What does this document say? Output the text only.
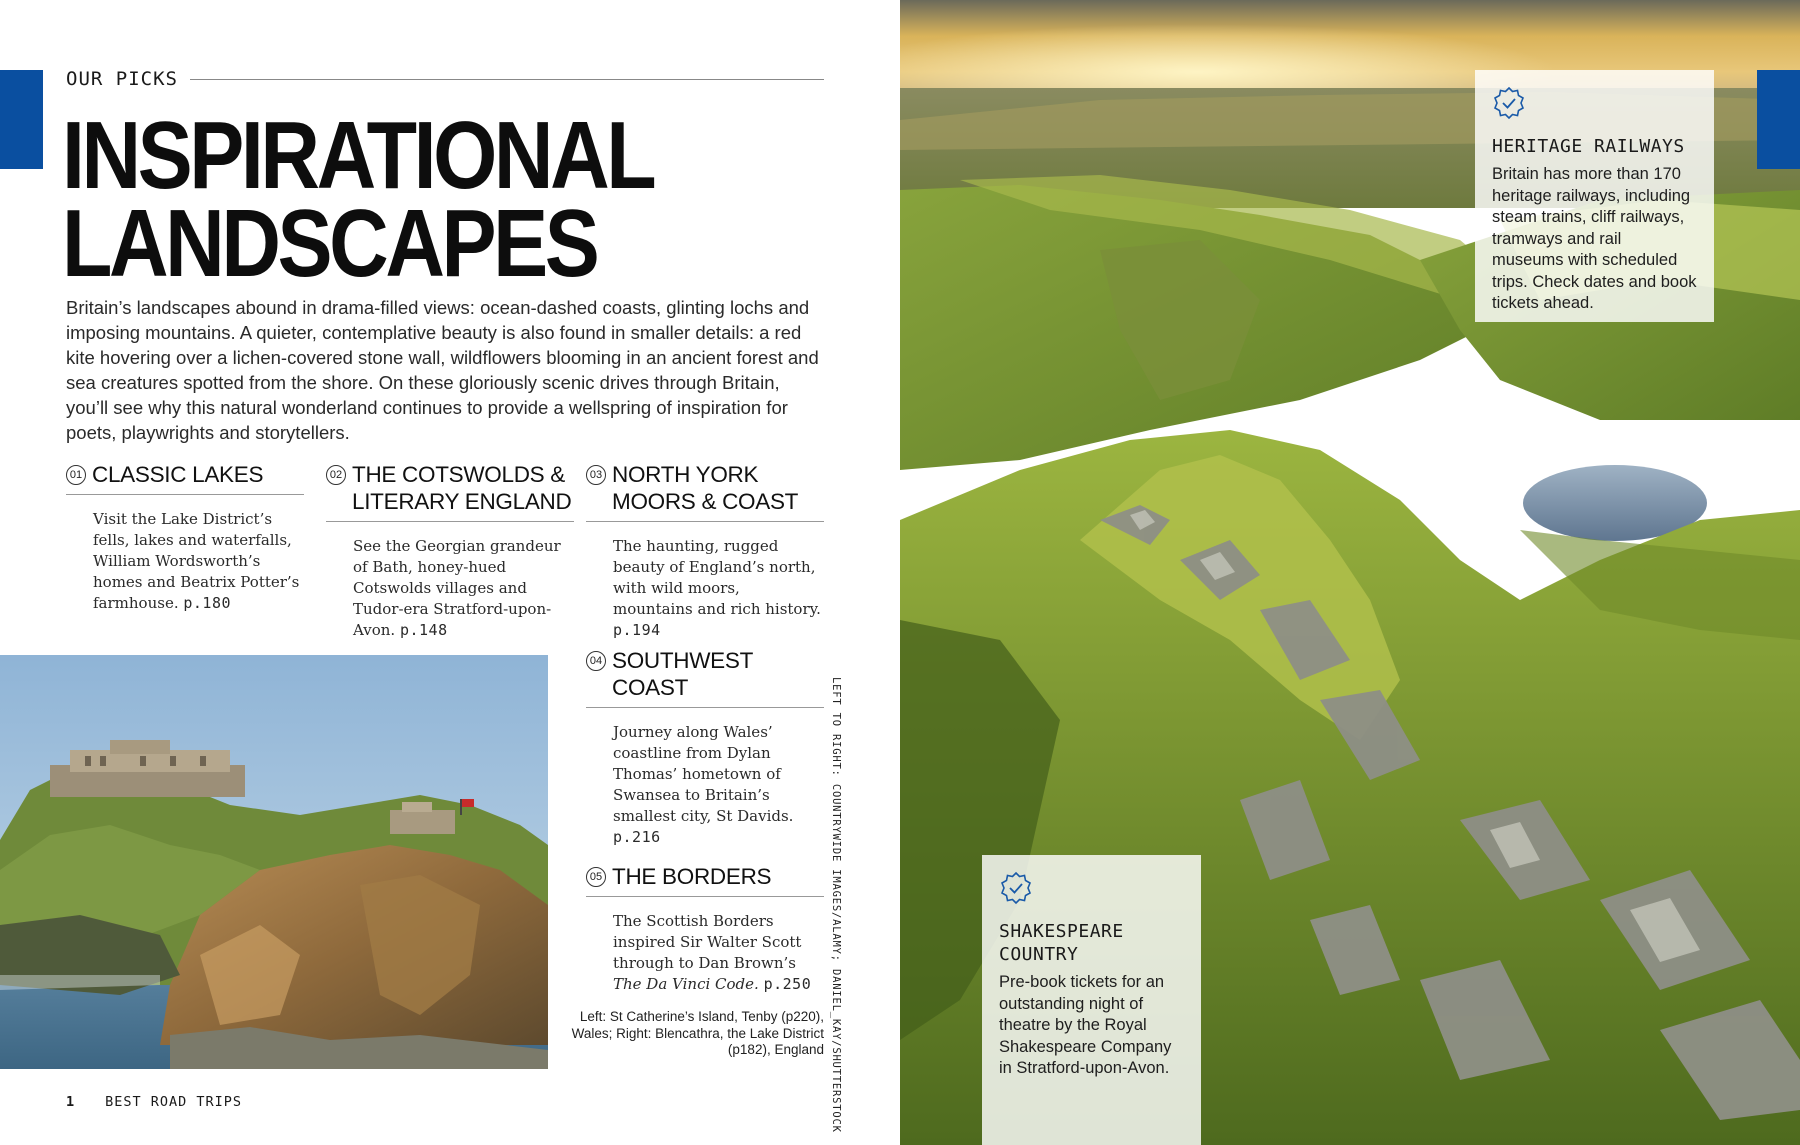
OUR PICKS
INSPIRATIONAL
LANDSCAPES

Britain’s landscapes abound in drama-filled views: ocean-dashed coasts, glinting lochs and imposing mountains. A quieter, contemplative beauty is also found in smaller details: a red kite hovering over a lichen-covered stone wall, wildflowers blooming in an ancient forest and sea creatures spotted from the shore. On these gloriously scenic drives through Britain, you’ll see why this natural wonderland continues to provide a wellspring of inspiration for poets, playwrights and storytellers.

01 CLASSIC LAKES

Visit the Lake District’s fells, lakes and waterfalls, William Wordsworth’s homes and Beatrix Potter’s farmhouse. p.180

02 THE COTSWOLDS & LITERARY ENGLAND

See the Georgian grandeur of Bath, honey-hued Cotswolds villages and Tudor-era Stratford-upon-Avon. p.148

03 NORTH YORK MOORS & COAST

The haunting, rugged beauty of England’s north, with wild moors, mountains and rich history. p.194

04 SOUTHWEST COAST

Journey along Wales’ coastline from Dylan Thomas’ hometown of Swansea to Britain’s smallest city, St Davids. p.216

05 THE BORDERS

The Scottish Borders inspired Sir Walter Scott through to Dan Brown’s The Da Vinci Code. p.250

Left: St Catherine’s Island, Tenby (p220), Wales; Right: Blencathra, the Lake District (p182), England LEFT TO RIGHT: COUNTRYWIDE IMAGES/ALAMY; DANIEL_KAY/SHUTTERSTOCK
1 BEST ROAD TRIPS
HERITAGE RAILWAYS

Britain has more than 170 heritage railways, including steam trains, cliff railways, tramways and rail museums with scheduled trips. Check dates and book tickets ahead.

SHAKESPEARE COUNTRY

Pre-book tickets for an outstanding night of theatre by the Royal Shakespeare Company in Stratford-upon-Avon.
